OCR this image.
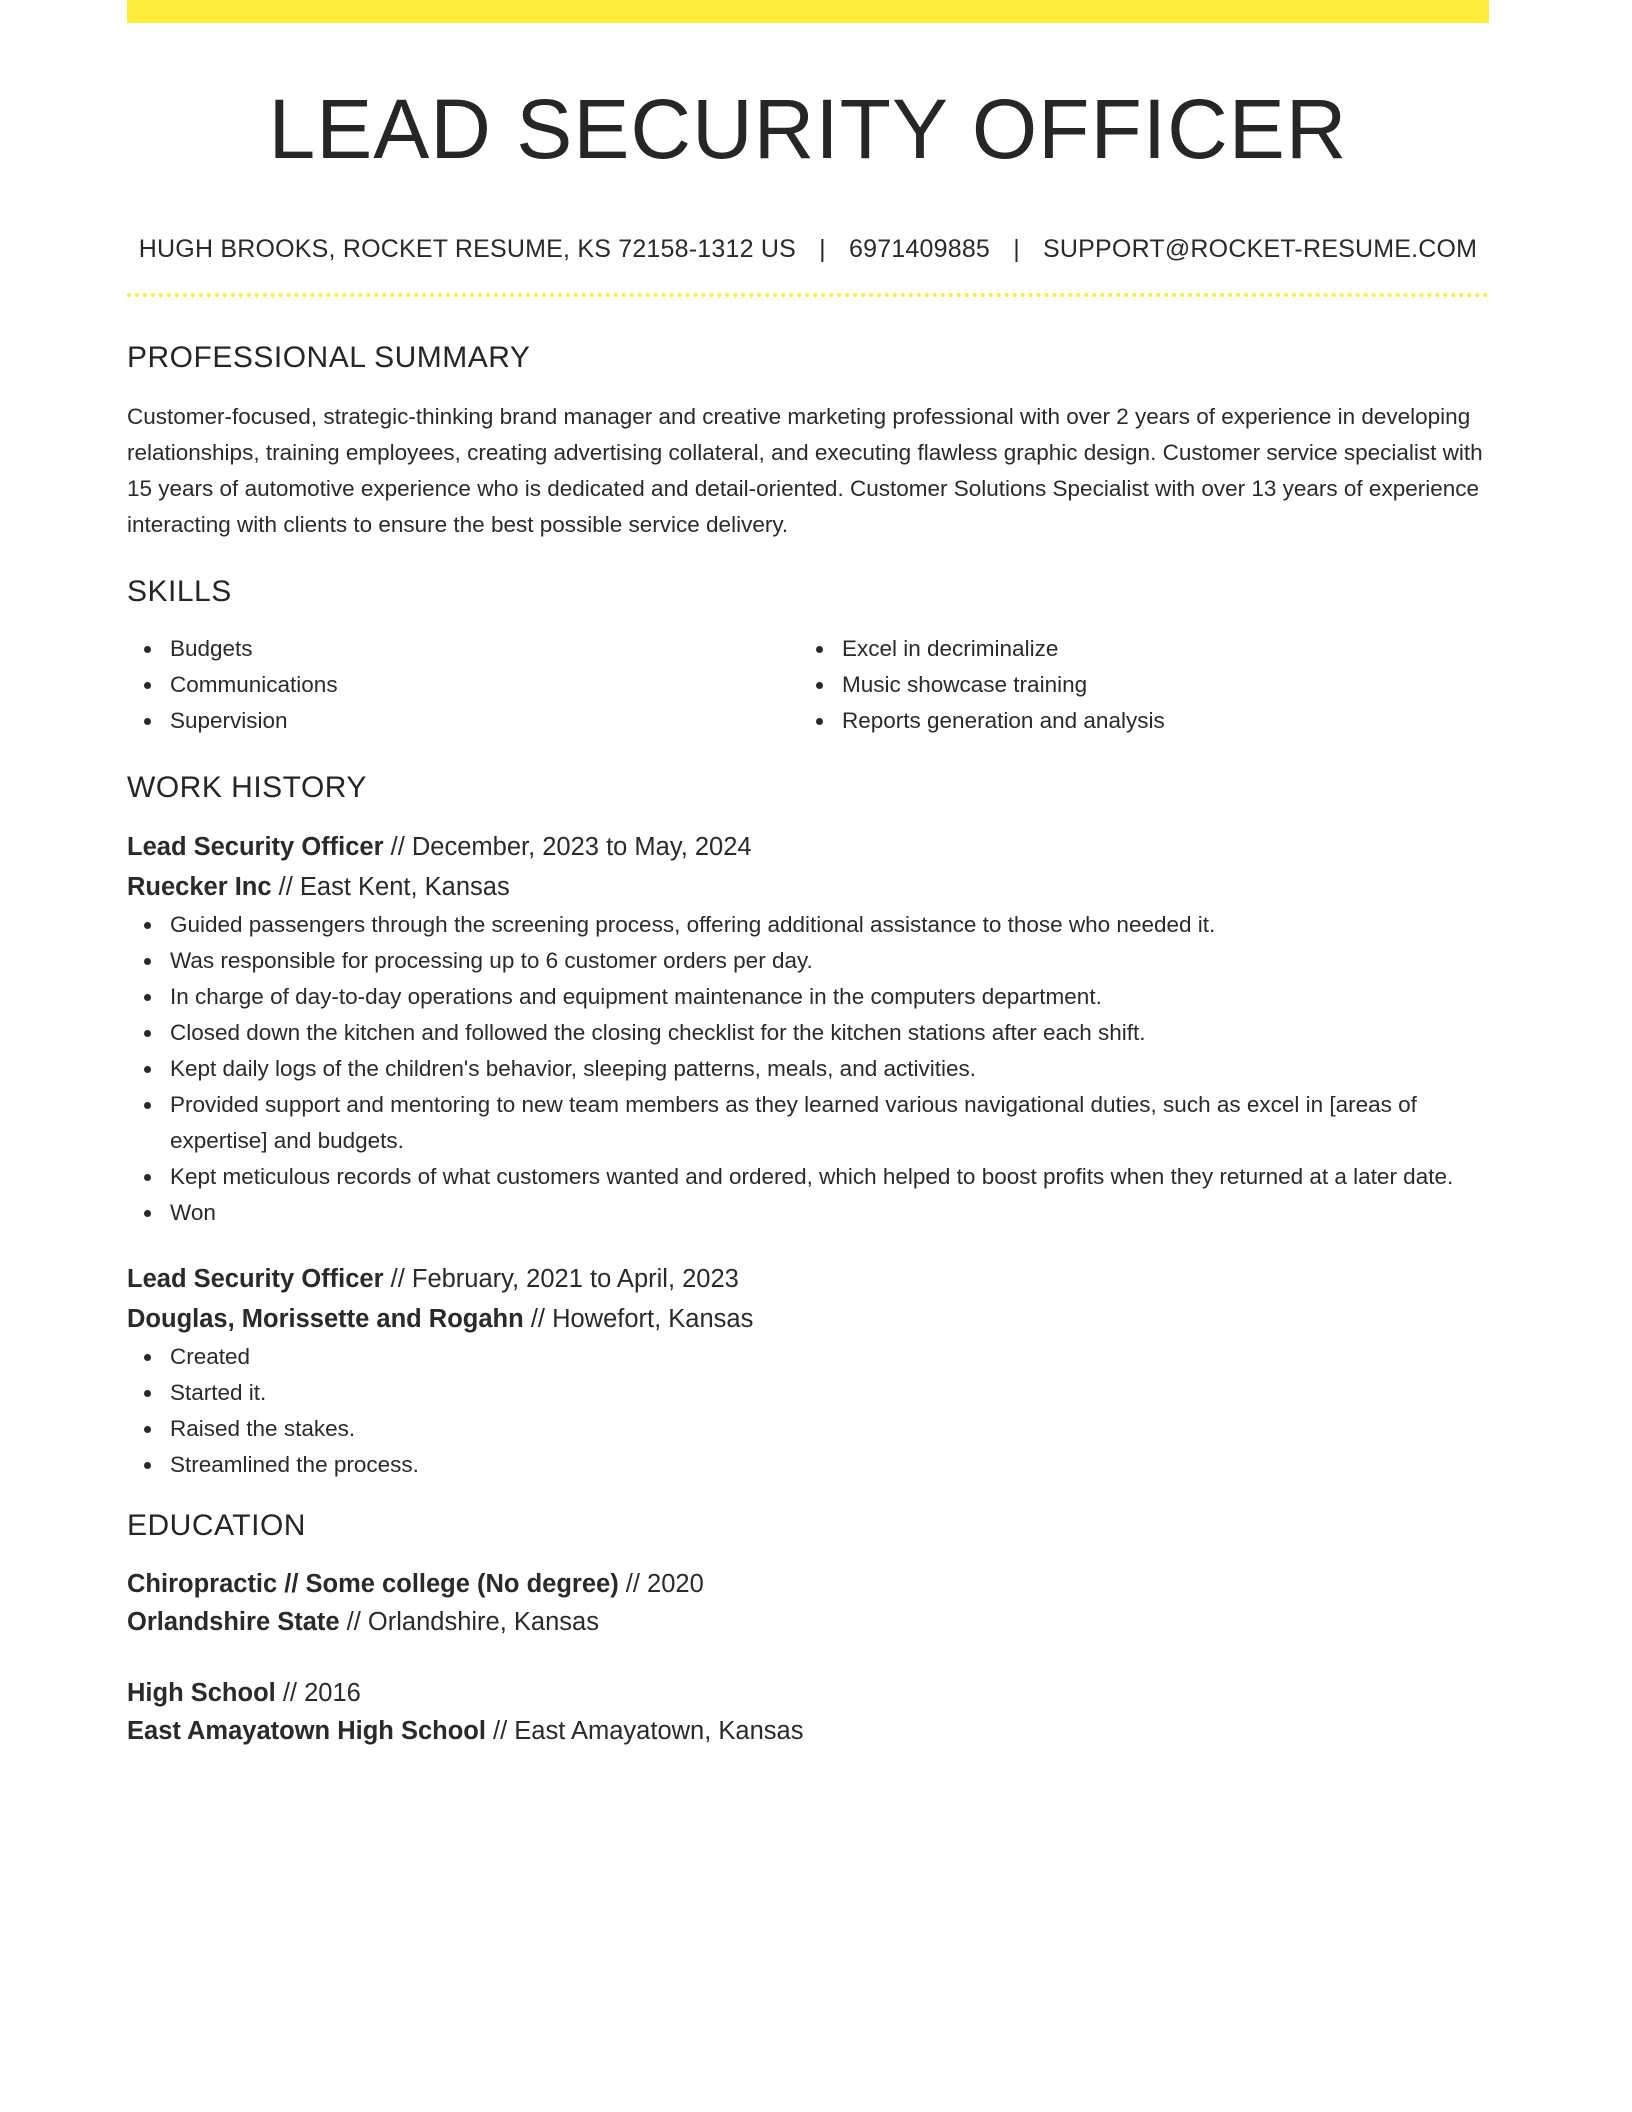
LEAD SECURITY OFFICER
HUGH BROOKS, ROCKET RESUME, KS 72158-1312 US | 6971409885 | SUPPORT@ROCKET-RESUME.COM
PROFESSIONAL SUMMARY
Customer-focused, strategic-thinking brand manager and creative marketing professional with over 2 years of experience in developing relationships, training employees, creating advertising collateral, and executing flawless graphic design. Customer service specialist with 15 years of automotive experience who is dedicated and detail-oriented. Customer Solutions Specialist with over 13 years of experience interacting with clients to ensure the best possible service delivery.
SKILLS
Budgets
Communications
Supervision
Excel in decriminalize
Music showcase training
Reports generation and analysis
WORK HISTORY
Lead Security Officer // December, 2023 to May, 2024
Ruecker Inc // East Kent, Kansas
Guided passengers through the screening process, offering additional assistance to those who needed it.
Was responsible for processing up to 6 customer orders per day.
In charge of day-to-day operations and equipment maintenance in the computers department.
Closed down the kitchen and followed the closing checklist for the kitchen stations after each shift.
Kept daily logs of the children's behavior, sleeping patterns, meals, and activities.
Provided support and mentoring to new team members as they learned various navigational duties, such as excel in [areas of expertise] and budgets.
Kept meticulous records of what customers wanted and ordered, which helped to boost profits when they returned at a later date.
Won
Lead Security Officer // February, 2021 to April, 2023
Douglas, Morissette and Rogahn // Howefort, Kansas
Created
Started it.
Raised the stakes.
Streamlined the process.
EDUCATION
Chiropractic // Some college (No degree) // 2020
Orlandshire State // Orlandshire, Kansas
High School // 2016
East Amayatown High School // East Amayatown, Kansas
